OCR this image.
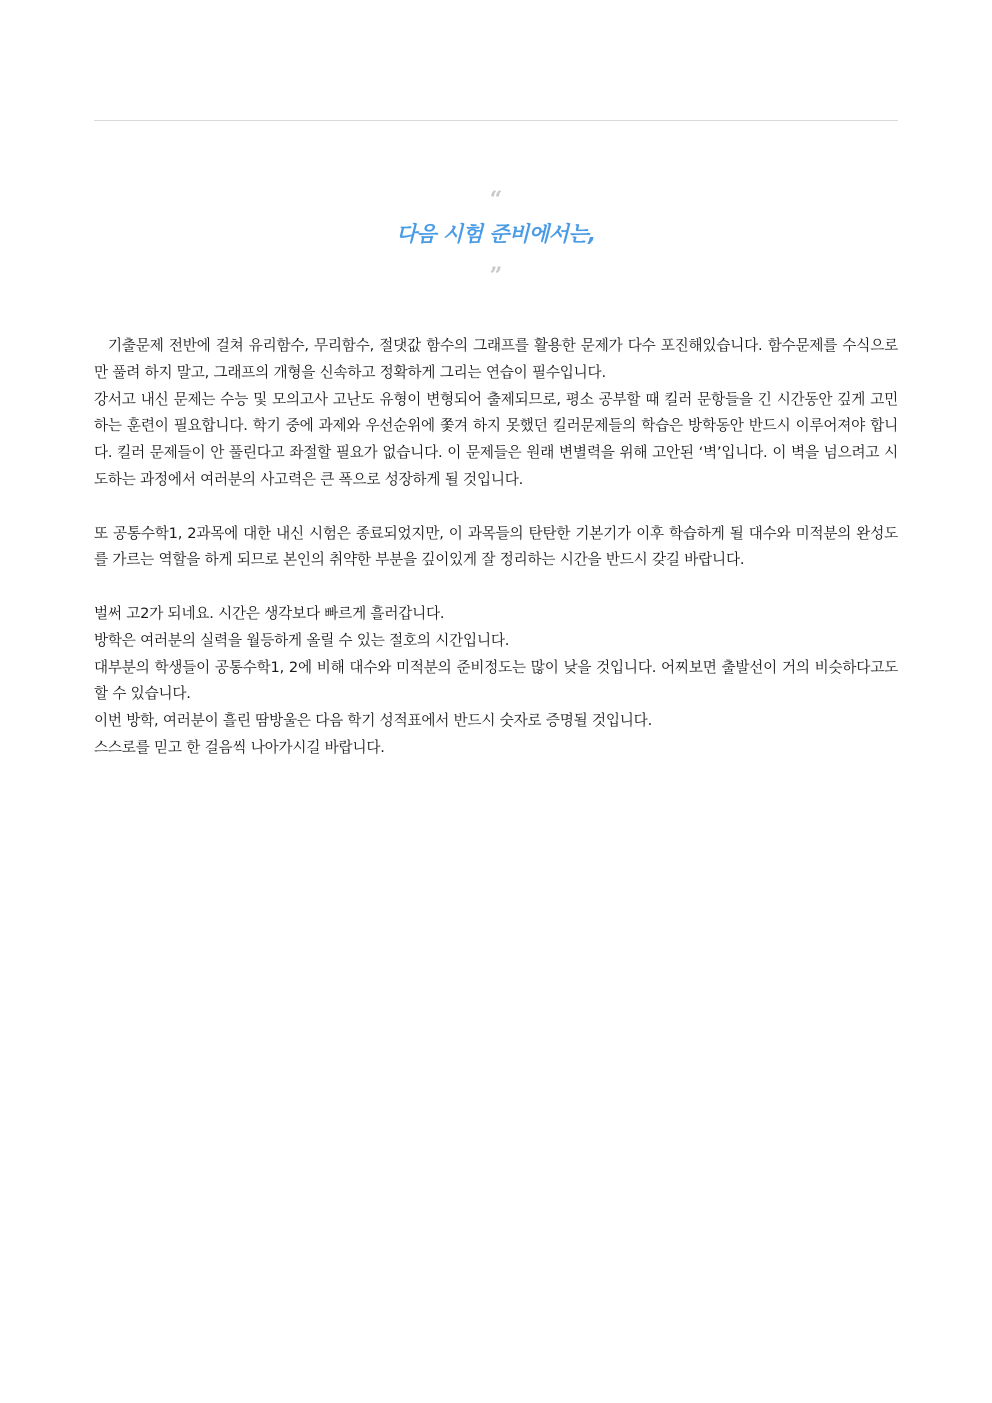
“
다음 시험 준비에서는,
”

기출문제 전반에 걸쳐 유리함수, 무리함수, 절댓값 함수의 그래프를 활용한 문제가 다수 포진해있습니다. 함수문제를 수식으로만 풀려 하지 말고, 그래프의 개형을 신속하고 정확하게 그리는 연습이 필수입니다.

강서고 내신 문제는 수능 및 모의고사 고난도 유형이 변형되어 출제되므로, 평소 공부할 때 킬러 문항들을 긴 시간동안 깊게 고민하는 훈련이 필요합니다. 학기 중에 과제와 우선순위에 쫓겨 하지 못했던 킬러문제들의 학습은 방학동안 반드시 이루어져야 합니다. 킬러 문제들이 안 풀린다고 좌절할 필요가 없습니다. 이 문제들은 원래 변별력을 위해 고안된 ‘벽’입니다. 이 벽을 넘으려고 시도하는 과정에서 여러분의 사고력은 큰 폭으로 성장하게 될 것입니다.

또 공통수학1, 2과목에 대한 내신 시험은 종료되었지만, 이 과목들의 탄탄한 기본기가 이후 학습하게 될 대수와 미적분의 완성도를 가르는 역할을 하게 되므로 본인의 취약한 부분을 깊이있게 잘 정리하는 시간을 반드시 갖길 바랍니다.

벌써 고2가 되네요. 시간은 생각보다 빠르게 흘러갑니다.

방학은 여러분의 실력을 월등하게 올릴 수 있는 절호의 시간입니다.

대부분의 학생들이 공통수학1, 2에 비해 대수와 미적분의 준비정도는 많이 낮을 것입니다. 어찌보면 출발선이 거의 비슷하다고도 할 수 있습니다.

이번 방학, 여러분이 흘린 땀방울은 다음 학기 성적표에서 반드시 숫자로 증명될 것입니다.

스스로를 믿고 한 걸음씩 나아가시길 바랍니다.
